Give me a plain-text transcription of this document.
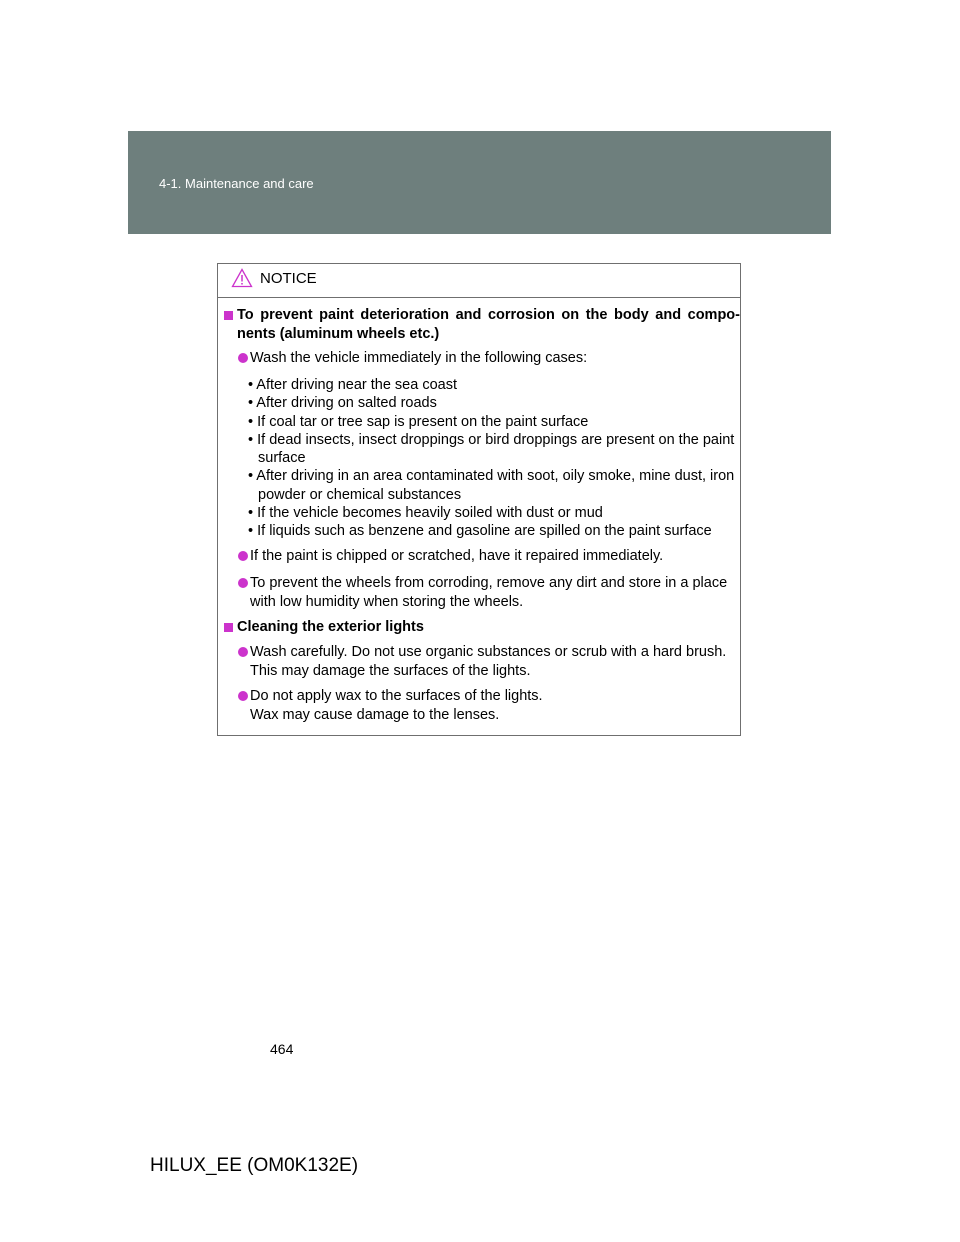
4-1. Maintenance and care
NOTICE
To prevent paint deterioration and corrosion on the body and compo-nents (aluminum wheels etc.)
Wash the vehicle immediately in the following cases:
• After driving near the sea coast
• After driving on salted roads
• If coal tar or tree sap is present on the paint surface
• If dead insects, insect droppings or bird droppings are present on the paint surface
• After driving in an area contaminated with soot, oily smoke, mine dust, iron powder or chemical substances
• If the vehicle becomes heavily soiled with dust or mud
• If liquids such as benzene and gasoline are spilled on the paint surface
If the paint is chipped or scratched, have it repaired immediately.
To prevent the wheels from corroding, remove any dirt and store in a place with low humidity when storing the wheels.
Cleaning the exterior lights
Wash carefully. Do not use organic substances or scrub with a hard brush. This may damage the surfaces of the lights.
Do not apply wax to the surfaces of the lights.
Wax may cause damage to the lenses.
464
HILUX_EE (OM0K132E)
